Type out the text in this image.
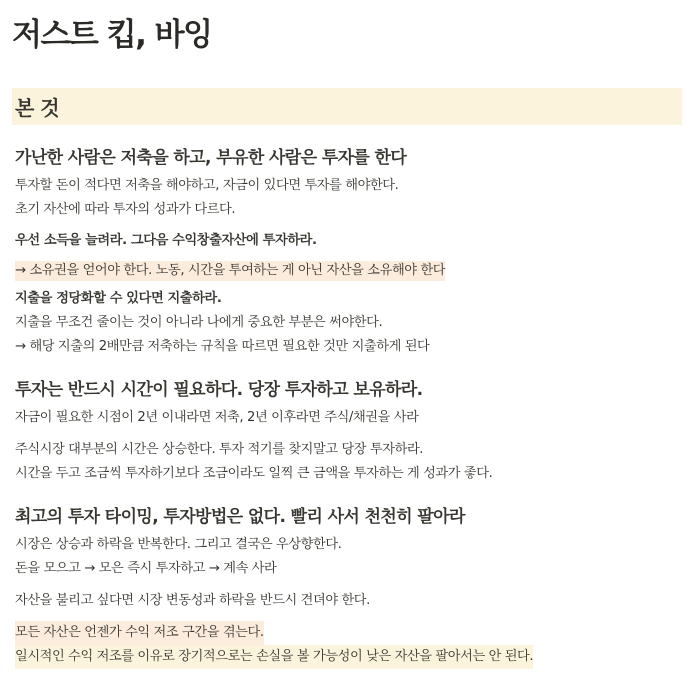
저스트 킵, 바잉
본 것
가난한 사람은 저축을 하고, 부유한 사람은 투자를 한다
투자할 돈이 적다면 저축을 해야하고, 자금이 있다면 투자를 해야한다.
초기 자산에 따라 투자의 성과가 다르다.
우선 소득을 늘려라. 그다음 수익창출자산에 투자하라.
→ 소유권을 얻어야 한다. 노동, 시간을 투여하는 게 아닌 자산을 소유해야 한다
지출을 정당화할 수 있다면 지출하라.
지출을 무조건 줄이는 것이 아니라 나에게 중요한 부분은 써야한다.
→ 해당 지출의 2배만큼 저축하는 규칙을 따르면 필요한 것만 지출하게 된다
투자는 반드시 시간이 필요하다. 당장 투자하고 보유하라.
자금이 필요한 시점이 2년 이내라면 저축, 2년 이후라면 주식/채권을 사라
주식시장 대부분의 시간은 상승한다. 투자 적기를 찾지말고 당장 투자하라.
시간을 두고 조금씩 투자하기보다 조금이라도 일찍 큰 금액을 투자하는 게 성과가 좋다.
최고의 투자 타이밍, 투자방법은 없다. 빨리 사서 천천히 팔아라
시장은 상승과 하락을 반복한다. 그리고 결국은 우상향한다.
돈을 모으고 → 모은 즉시 투자하고 → 계속 사라
자산을 불리고 싶다면 시장 변동성과 하락을 반드시 견뎌야 한다.
모든 자산은 언젠가 수익 저조 구간을 겪는다.
일시적인 수익 저조를 이유로 장기적으로는 손실을 볼 가능성이 낮은 자산을 팔아서는 안 된다.
